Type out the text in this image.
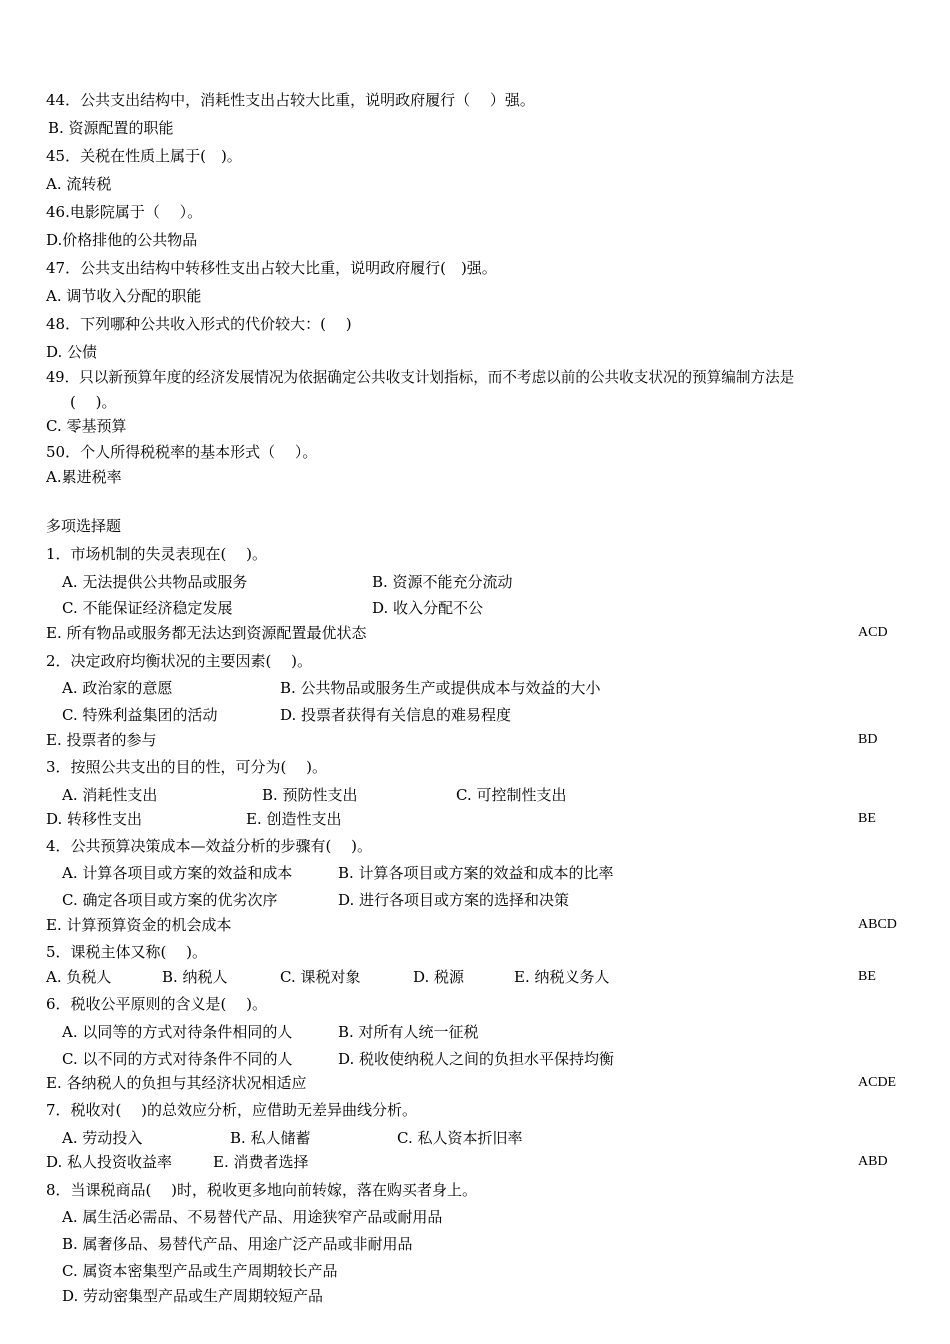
44．公共支出结构中，消耗性支出占较大比重，说明政府履行（　 ）强。
B. 资源配置的职能
45．关税在性质上属于(　)。
A. 流转税
46.电影院属于（　 ）。
D.价格排他的公共物品
47．公共支出结构中转移性支出占较大比重，说明政府履行(　)强。
A. 调节收入分配的职能
48．下列哪种公共收入形式的代价较大：(　 )
D. 公债
49．只以新预算年度的经济发展情况为依据确定公共收支计划指标，而不考虑以前的公共收支状况的预算编制方法是
(　 )。
C. 零基预算
50．个人所得税税率的基本形式（　 ）。
A.累进税率
多项选择题
1．市场机制的失灵表现在(　 )。
A. 无法提供公共物品或服务	B. 资源不能充分流动
C. 不能保证经济稳定发展	D. 收入分配不公
E. 所有物品或服务都无法达到资源配置最优状态	ACD
2．决定政府均衡状况的主要因素(　 )。
A. 政治家的意愿	B. 公共物品或服务生产或提供成本与效益的大小
C. 特殊利益集团的活动	D. 投票者获得有关信息的难易程度
E. 投票者的参与	BD
3．按照公共支出的目的性，可分为(　 )。
A. 消耗性支出	B. 预防性支出	C. 可控制性支出
D. 转移性支出	E. 创造性支出	BE
4．公共预算决策成本—效益分析的步骤有(　 )。
A. 计算各项目或方案的效益和成本	B. 计算各项目或方案的效益和成本的比率
C. 确定各项目或方案的优劣次序	D. 进行各项目或方案的选择和决策
E. 计算预算资金的机会成本	ABCD
5．课税主体又称(　 )。
A. 负税人	B. 纳税人	C. 课税对象	D. 税源	E. 纳税义务人	BE
6．税收公平原则的含义是(　 )。
A. 以同等的方式对待条件相同的人	B. 对所有人统一征税
C. 以不同的方式对待条件不同的人	D. 税收使纳税人之间的负担水平保持均衡
E. 各纳税人的负担与其经济状况相适应	ACDE
7．税收对(　 )的总效应分析，应借助无差异曲线分析。
A. 劳动投入	B. 私人储蓄	C. 私人资本折旧率
D. 私人投资收益率	E. 消费者选择	ABD
8．当课税商品(　 )时，税收更多地向前转嫁，落在购买者身上。
A. 属生活必需品、不易替代产品、用途狭窄产品或耐用品
B. 属奢侈品、易替代产品、用途广泛产品或非耐用品
C. 属资本密集型产品或生产周期较长产品
D. 劳动密集型产品或生产周期较短产品
